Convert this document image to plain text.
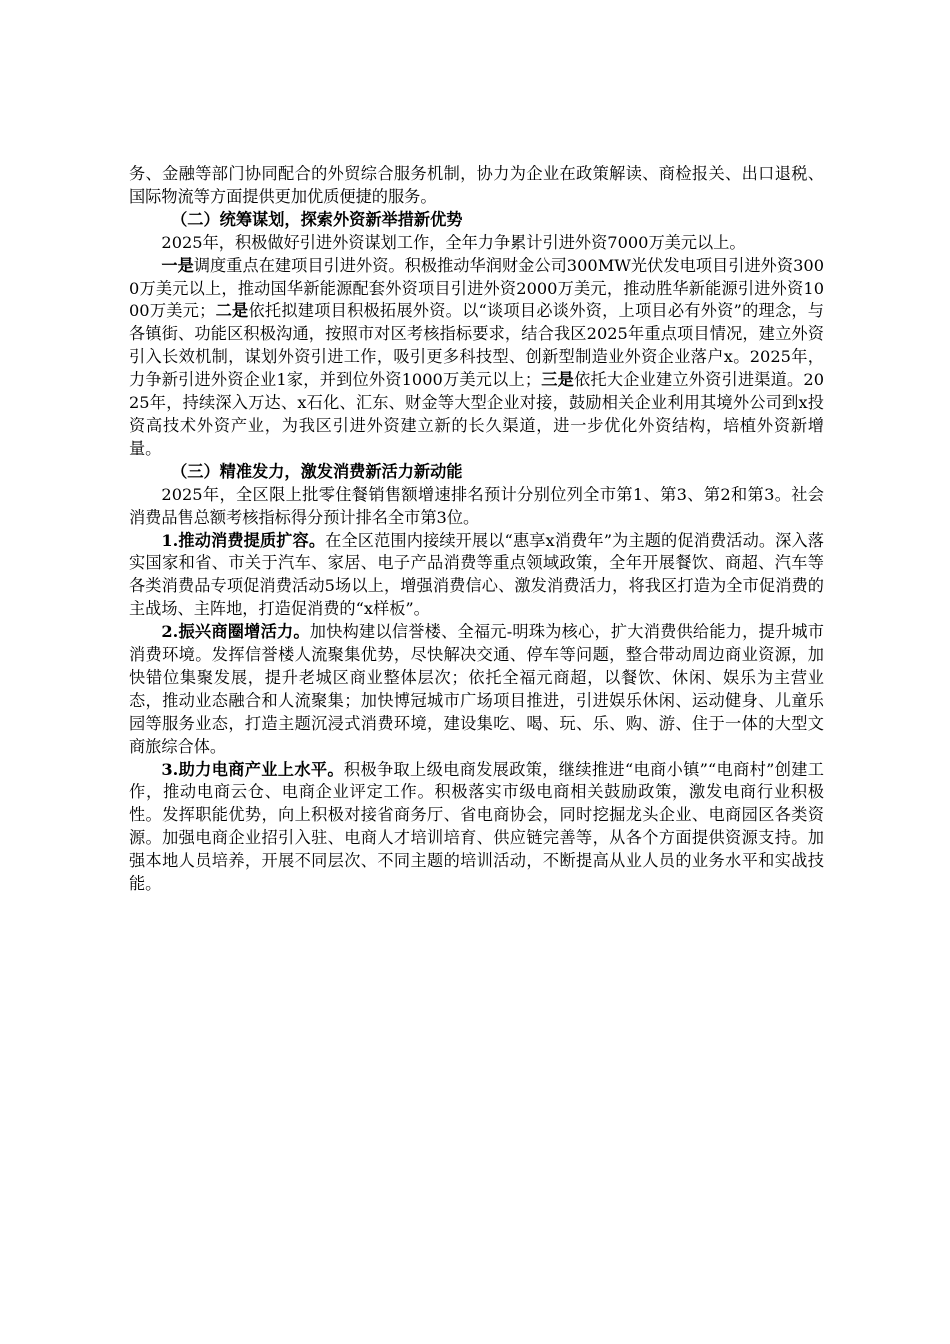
务、金融等部门协同配合的外贸综合服务机制，协力为企业在政策解读、商检报关、出口退税、国际物流等方面提供更加优质便捷的服务。

（二）统筹谋划，探索外资新举措新优势

2025年，积极做好引进外资谋划工作，全年力争累计引进外资7000万美元以上。

一是调度重点在建项目引进外资。积极推动华润财金公司300MW光伏发电项目引进外资3000万美元以上，推动国华新能源配套外资项目引进外资2000万美元，推动胜华新能源引进外资1000万美元；二是依托拟建项目积极拓展外资。以“谈项目必谈外资，上项目必有外资”的理念，与各镇街、功能区积极沟通，按照市对区考核指标要求，结合我区2025年重点项目情况，建立外资引入长效机制，谋划外资引进工作，吸引更多科技型、创新型制造业外资企业落户x。2025年，力争新引进外资企业1家，并到位外资1000万美元以上；三是依托大企业建立外资引进渠道。2025年，持续深入万达、x石化、汇东、财金等大型企业对接，鼓励相关企业利用其境外公司到x投资高技术外资产业，为我区引进外资建立新的长久渠道，进一步优化外资结构，培植外资新增量。

（三）精准发力，激发消费新活力新动能

2025年，全区限上批零住餐销售额增速排名预计分别位列全市第1、第3、第2和第3。社会消费品售总额考核指标得分预计排名全市第3位。

1.推动消费提质扩容。在全区范围内接续开展以“惠享x消费年”为主题的促消费活动。深入落实国家和省、市关于汽车、家居、电子产品消费等重点领域政策，全年开展餐饮、商超、汽车等各类消费品专项促消费活动5场以上，增强消费信心、激发消费活力，将我区打造为全市促消费的主战场、主阵地，打造促消费的“x样板”。

2.振兴商圈增活力。加快构建以信誉楼、全福元-明珠为核心，扩大消费供给能力，提升城市消费环境。发挥信誉楼人流聚集优势，尽快解决交通、停车等问题，整合带动周边商业资源，加快错位集聚发展，提升老城区商业整体层次；依托全福元商超，以餐饮、休闲、娱乐为主营业态，推动业态融合和人流聚集；加快博冠城市广场项目推进，引进娱乐休闲、运动健身、儿童乐园等服务业态，打造主题沉浸式消费环境，建设集吃、喝、玩、乐、购、游、住于一体的大型文商旅综合体。

3.助力电商产业上水平。积极争取上级电商发展政策，继续推进“电商小镇”“电商村”创建工作，推动电商云仓、电商企业评定工作。积极落实市级电商相关鼓励政策，激发电商行业积极性。发挥职能优势，向上积极对接省商务厅、省电商协会，同时挖掘龙头企业、电商园区各类资源。加强电商企业招引入驻、电商人才培训培育、供应链完善等，从各个方面提供资源支持。加强本地人员培养，开展不同层次、不同主题的培训活动，不断提高从业人员的业务水平和实战技能。
